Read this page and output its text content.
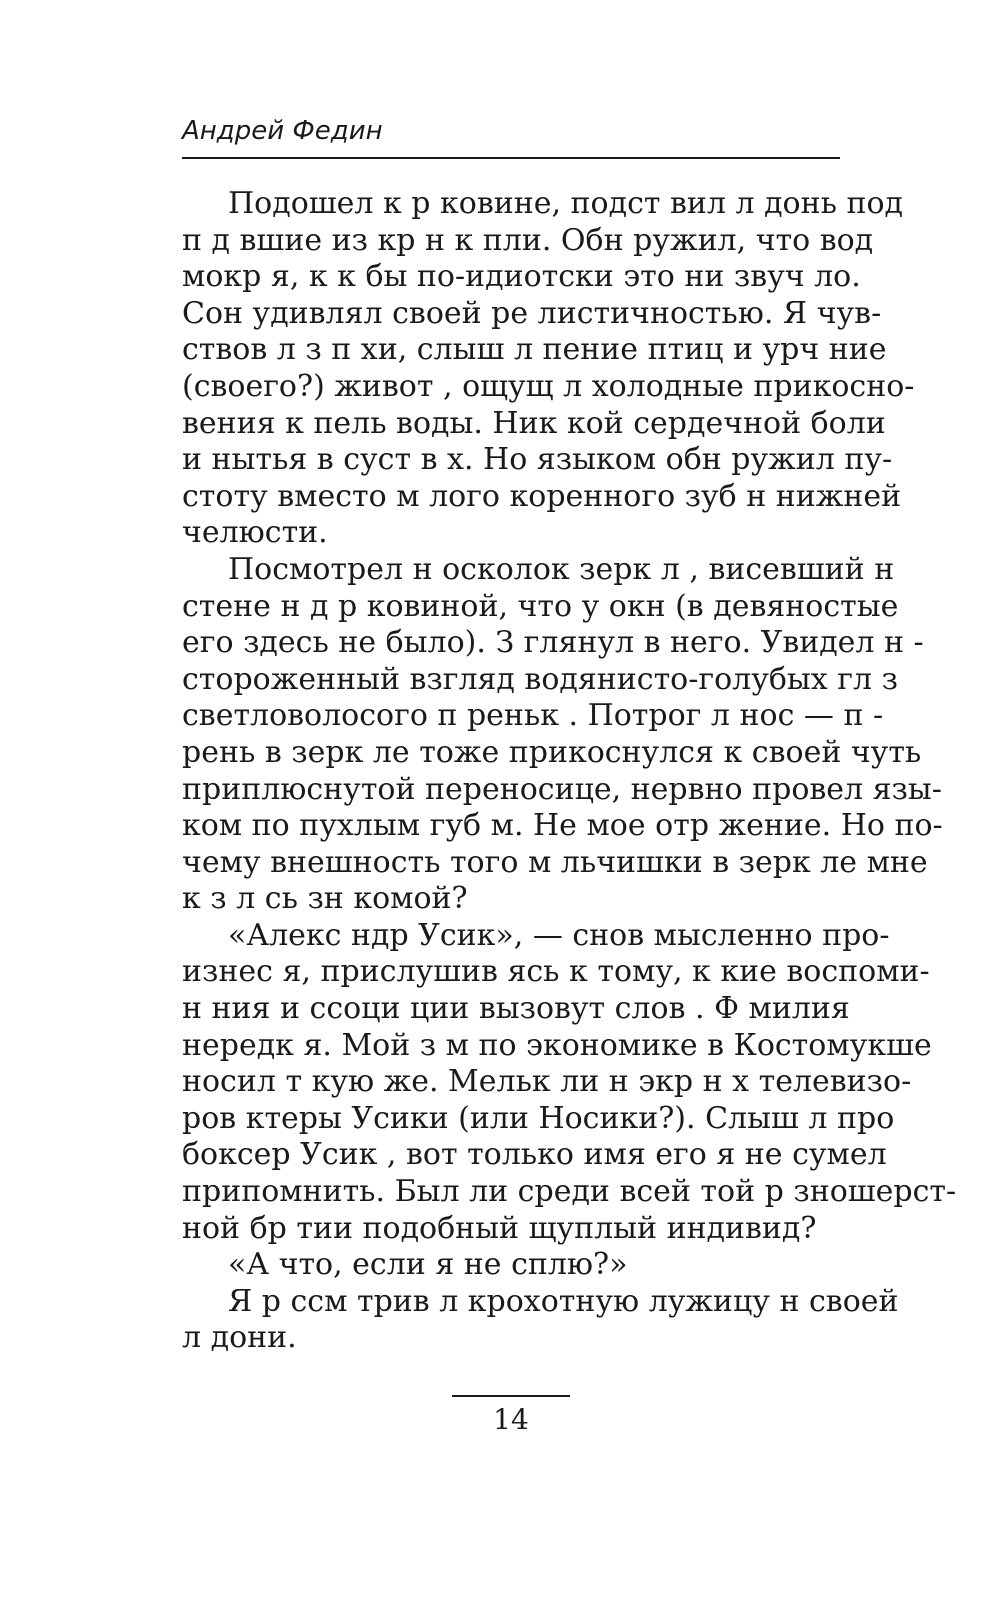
Андрей Федин
Подошел к р ковине, подст вил л донь под
п д вшие из кр н к пли. Обн ружил, что вод
мокр я, к к бы по-идиотски это ни звуч ло.
Сон удивлял своей ре листичностью. Я чув-
ствов л з п хи, слыш л пение птиц и урч ние
(своего?) живот , ощущ л холодные прикосно-
вения к пель воды. Ник кой сердечной боли
и нытья в суст в х. Но языком обн ружил пу-
стоту вместо м лого коренного зуб н нижней
челюсти.
Посмотрел н осколок зерк л , висевший н
стене н д р ковиной, что у окн (в девяностые
его здесь не было). З глянул в него. Увидел н -
стороженный взгляд водянисто-голубых гл з
светловолосого п реньк . Потрог л нос — п -
рень в зерк ле тоже прикоснулся к своей чуть
приплюснутой переносице, нервно провел язы-
ком по пухлым губ м. Не мое отр жение. Но по-
чему внешность того м льчишки в зерк ле мне
к з л сь зн комой?
«Алекс ндр Усик», — снов мысленно про-
изнес я, прислушив ясь к тому, к кие воспоми-
н ния и ссоци ции вызовут слов . Ф милия
нередк я. Мой з м по экономике в Костомукше
носил т кую же. Мельк ли н экр н х телевизо-
ров ктеры Усики (или Носики?). Слыш л про
боксер Усик , вот только имя его я не сумел
припомнить. Был ли среди всей той р зношерст-
ной бр тии подобный щуплый индивид?
«А что, если я не сплю?»
Я р ссм трив л крохотную лужицу н своей
л дони.
14
